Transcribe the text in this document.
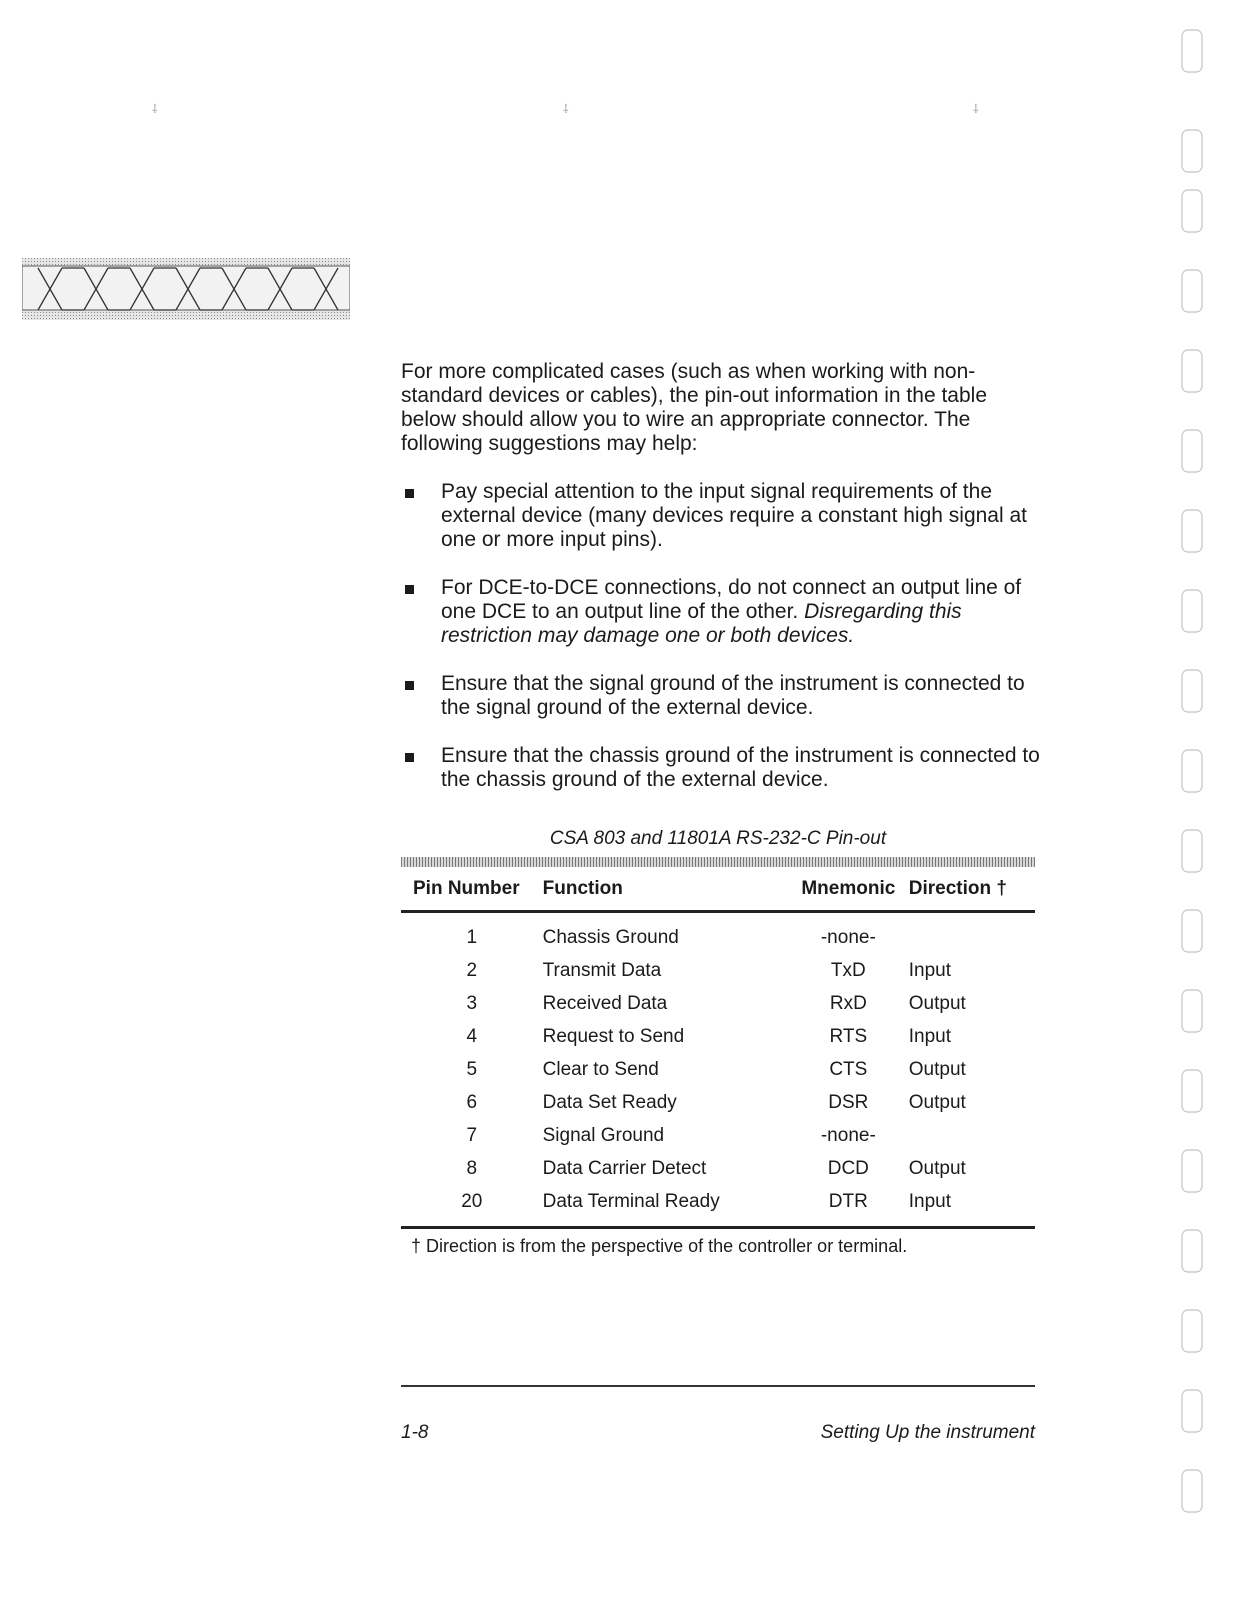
⸸	⸸	⸸

For more complicated cases (such as when working with non-standard devices or cables), the pin-out information in the table below should allow you to wire an appropriate connector. The following suggestions may help:

Pay special attention to the input signal requirements of the external device (many devices require a constant high signal at one or more input pins).
For DCE-to-DCE connections, do not connect an output line of one DCE to an output line of the other. Disregarding this restriction may damage one or both devices.
Ensure that the signal ground of the instrument is connected to the signal ground of the external device.
Ensure that the chassis ground of the instrument is connected to the chassis ground of the external device.
CSA 803 and 11801A RS-232-C Pin-out
Pin Number	Function	Mnemonic	Direction †
1	Chassis Ground	-none-	
2	Transmit Data	TxD	Input
3	Received Data	RxD	Output
4	Request to Send	RTS	Input
5	Clear to Send	CTS	Output
6	Data Set Ready	DSR	Output
7	Signal Ground	-none-	
8	Data Carrier Detect	DCD	Output
20	Data Terminal Ready	DTR	Input
† Direction is from the perspective of the controller or terminal.
1-8	Setting Up the instrument
